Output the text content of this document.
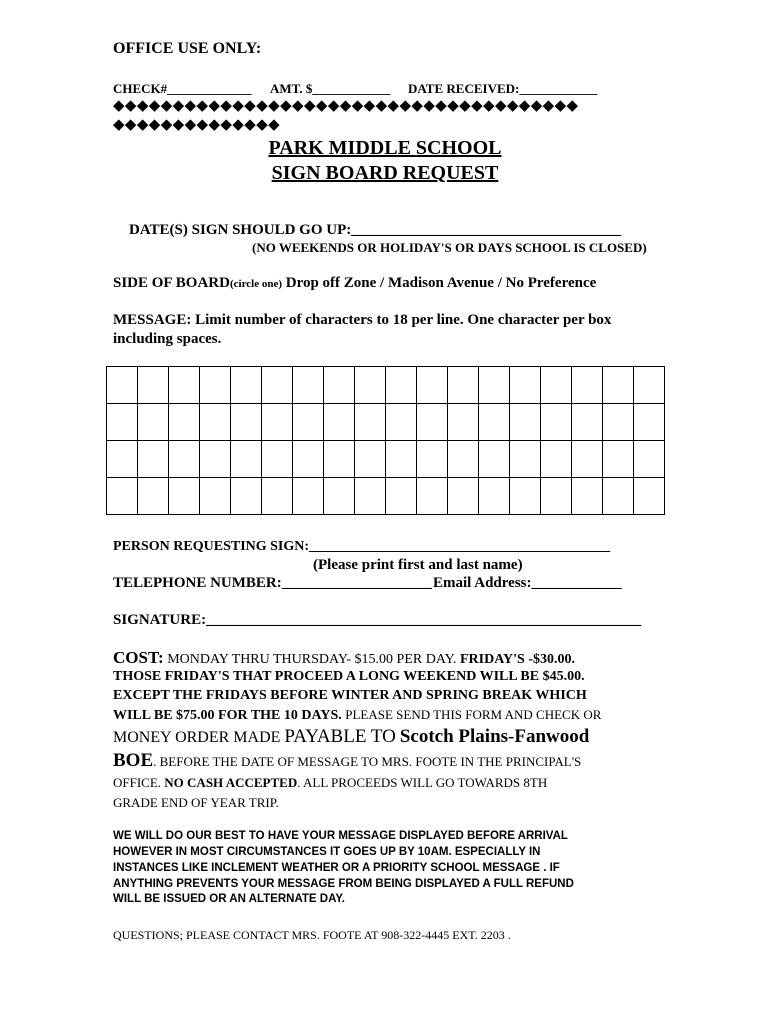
OFFICE USE ONLY:
CHECK#_____________ AMT. $____________ DATE RECEIVED:____________
◆◆◆◆◆◆◆◆◆◆◆◆◆◆◆◆◆◆◆◆◆◆◆◆◆◆◆◆◆◆◆◆◆◆◆◆◆◆◆
◆◆◆◆◆◆◆◆◆◆◆◆◆◆
PARK MIDDLE SCHOOL
SIGN BOARD REQUEST
DATE(S) SIGN SHOULD GO UP:____________________________________
(NO WEEKENDS OR HOLIDAY'S OR DAYS SCHOOL IS CLOSED)
SIDE OF BOARD(circle one) Drop off Zone / Madison Avenue / No Preference
MESSAGE: Limit number of characters to 18 per line. One character per box
including spaces.

PERSON REQUESTING SIGN:___________________________________________
(Please print first and last name)
TELEPHONE NUMBER:____________________ Email Address:____________
SIGNATURE:__________________________________________________________
COST: MONDAY THRU THURSDAY- $15.00 PER DAY. FRIDAY'S -$30.00.
THOSE FRIDAY'S THAT PROCEED A LONG WEEKEND WILL BE $45.00.
EXCEPT THE FRIDAYS BEFORE WINTER AND SPRING BREAK WHICH
WILL BE $75.00 FOR THE 10 DAYS. PLEASE SEND THIS FORM AND CHECK OR
MONEY ORDER MADE PAYABLE TO Scotch Plains-Fanwood
BOE. BEFORE THE DATE OF MESSAGE TO MRS. FOOTE IN THE PRINCIPAL'S
OFFICE. NO CASH ACCEPTED. ALL PROCEEDS WILL GO TOWARDS 8TH
GRADE END OF YEAR TRIP.
WE WILL DO OUR BEST TO HAVE YOUR MESSAGE DISPLAYED BEFORE ARRIVAL
HOWEVER IN MOST CIRCUMSTANCES IT GOES UP BY 10AM. ESPECIALLY IN
INSTANCES LIKE INCLEMENT WEATHER OR A PRIORITY SCHOOL MESSAGE . IF
ANYTHING PREVENTS YOUR MESSAGE FROM BEING DISPLAYED A FULL REFUND
WILL BE ISSUED OR AN ALTERNATE DAY.
QUESTIONS; PLEASE CONTACT MRS. FOOTE AT 908-322-4445 EXT. 2203 .
